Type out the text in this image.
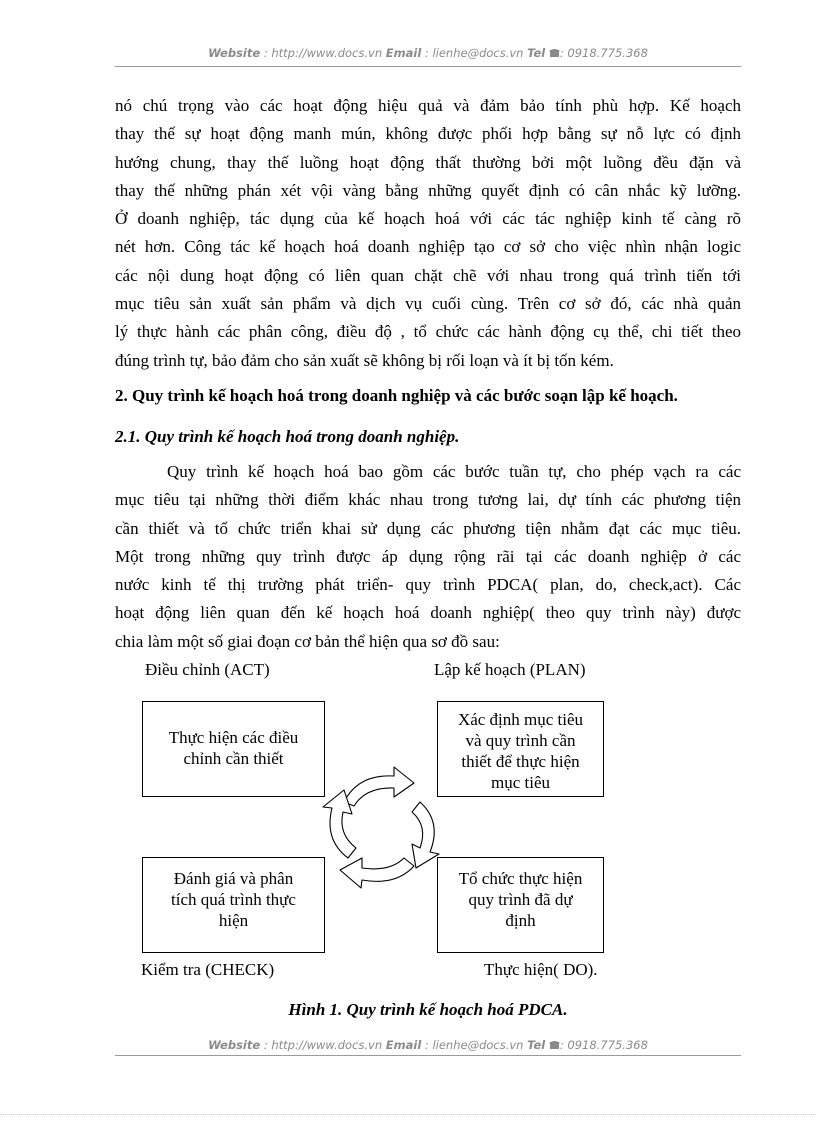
Website : http://www.docs.vn Email : lienhe@docs.vn Tel : 0918.775.368
nó chú trọng vào các hoạt động hiệu quả và đảm bảo tính phù hợp. Kế hoạch
thay thế sự hoạt động manh mún, không được phối hợp bằng sự nỗ lực có định
hướng chung, thay thế luồng hoạt động thất thường bởi một luồng đều đặn và
thay thế những phán xét vội vàng bằng những quyết định có cân nhắc kỹ lưỡng.
Ở doanh nghiệp, tác dụng của kế hoạch hoá với các tác nghiệp kinh tế càng rõ
nét hơn. Công tác kế hoạch hoá doanh nghiệp tạo cơ sở cho việc nhìn nhận logic
các nội dung hoạt động có liên quan chặt chẽ với nhau trong quá trình tiến tới
mục tiêu sản xuất sản phẩm và dịch vụ cuối cùng. Trên cơ sở đó, các nhà quản
lý thực hành các phân công, điều độ , tổ chức các hành động cụ thể, chi tiết theo
đúng trình tự, bảo đảm cho sản xuất sẽ không bị rối loạn và ít bị tốn kém.
2. Quy trình kế hoạch hoá trong doanh nghiệp và các bước soạn lập kế hoạch.
2.1. Quy trình kế hoạch hoá trong doanh nghiệp.
Quy trình kế hoạch hoá bao gồm các bước tuần tự, cho phép vạch ra các
mục tiêu tại những thời điểm khác nhau trong tương lai, dự tính các phương tiện
cần thiết và tổ chức triển khai sử dụng các phương tiện nhằm đạt các mục tiêu.
Một trong những quy trình được áp dụng rộng rãi tại các doanh nghiệp ở các
nước kinh tế thị trường phát triển- quy trình PDCA( plan, do, check,act). Các
hoạt động liên quan đến kế hoạch hoá doanh nghiệp( theo quy trình này) được
chia làm một số giai đoạn cơ bản thể hiện qua sơ đồ sau:
Điều chỉnh (ACT)	Lập kế hoạch (PLAN)
Kiểm tra (CHECK)	Thực hiện( DO).
Thực hiện các điều
chỉnh cần thiết
Xác định mục tiêu
và quy trình cần
thiết để thực hiện
mục tiêu
Đánh giá và phân
tích quá trình thực
hiện
Tổ chức thực hiện
quy trình đã dự
định
Hình 1. Quy trình kế hoạch hoá PDCA.
Website : http://www.docs.vn Email : lienhe@docs.vn Tel : 0918.775.368
